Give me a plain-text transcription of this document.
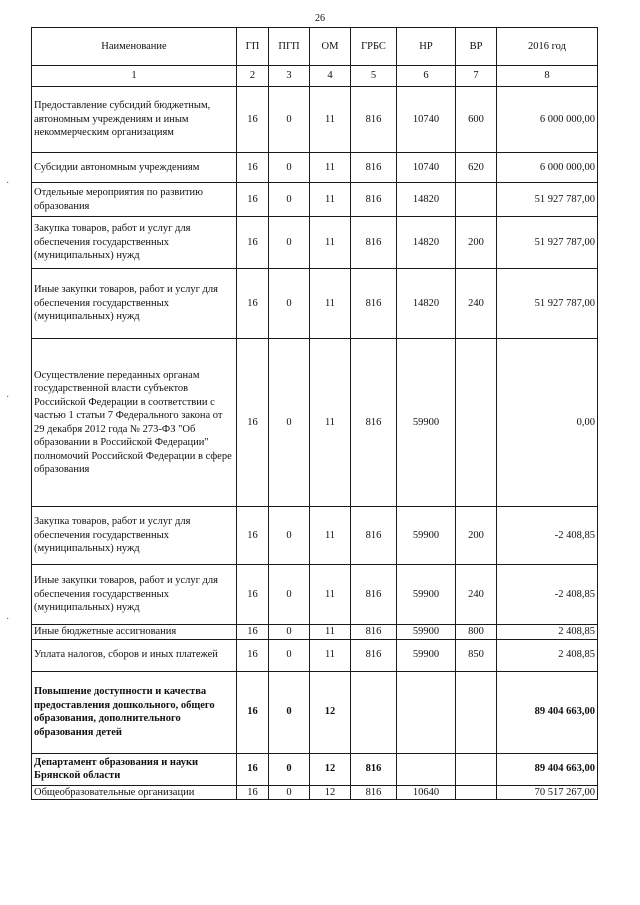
26
·
·
·
Наименование	ГП	ПГП	ОМ	ГРБС	НР	ВР	2016 год
1	2	3	4	5	6	7	8
Предоставление субсидий бюджетным, автономным учреждениям и иным некоммерческим организациям	16	0	11	816	10740	600	6 000 000,00
Субсидии автономным учреждениям	16	0	11	816	10740	620	6 000 000,00
Отдельные мероприятия по развитию образования	16	0	11	816	14820		51 927 787,00
Закупка товаров, работ и услуг для обеспечения государственных (муниципальных) нужд	16	0	11	816	14820	200	51 927 787,00
Иные закупки товаров, работ и услуг для обеспечения государственных (муниципальных) нужд	16	0	11	816	14820	240	51 927 787,00
Осуществление переданных органам государственной власти субъектов Российской Федерации в соответствии с частью 1 статьи 7 Федерального закона от 29 декабря 2012 года № 273-ФЗ "Об образовании в Российской Федерации" полномочий Российской Федерации в сфере образования	16	0	11	816	59900		0,00
Закупка товаров, работ и услуг для обеспечения государственных (муниципальных) нужд	16	0	11	816	59900	200	-2 408,85
Иные закупки товаров, работ и услуг для обеспечения государственных (муниципальных) нужд	16	0	11	816	59900	240	-2 408,85
Иные бюджетные ассигнования	16	0	11	816	59900	800	2 408,85
Уплата налогов, сборов и иных платежей	16	0	11	816	59900	850	2 408,85
Повышение доступности и качества предоставления дошкольного, общего образования, дополнительного образования детей	16	0	12				89 404 663,00
Департамент образования и науки Брянской области	16	0	12	816			89 404 663,00
Общеобразовательные организации	16	0	12	816	10640		70 517 267,00
